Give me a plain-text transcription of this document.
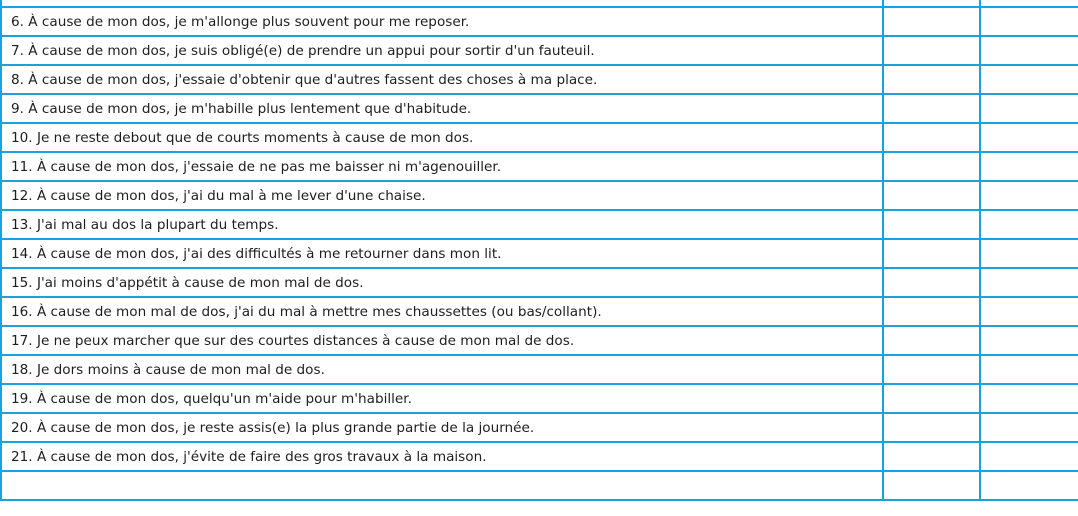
6. À cause de mon dos, je m'allonge plus souvent pour me reposer.		
7. À cause de mon dos, je suis obligé(e) de prendre un appui pour sortir d'un fauteuil.		
8. À cause de mon dos, j'essaie d'obtenir que d'autres fassent des choses à ma place.		
9. À cause de mon dos, je m'habille plus lentement que d'habitude.		
10. Je ne reste debout que de courts moments à cause de mon dos.		
11. À cause de mon dos, j'essaie de ne pas me baisser ni m'agenouiller.		
12. À cause de mon dos, j'ai du mal à me lever d'une chaise.		
13. J'ai mal au dos la plupart du temps.		
14. À cause de mon dos, j'ai des difficultés à me retourner dans mon lit.		
15. J'ai moins d'appétit à cause de mon mal de dos.		
16. À cause de mon mal de dos, j'ai du mal à mettre mes chaussettes (ou bas/collant).		
17. Je ne peux marcher que sur des courtes distances à cause de mon mal de dos.		
18. Je dors moins à cause de mon mal de dos.		
19. À cause de mon dos, quelqu'un m'aide pour m'habiller.		
20. À cause de mon dos, je reste assis(e) la plus grande partie de la journée.		
21. À cause de mon dos, j'évite de faire des gros travaux à la maison.		
